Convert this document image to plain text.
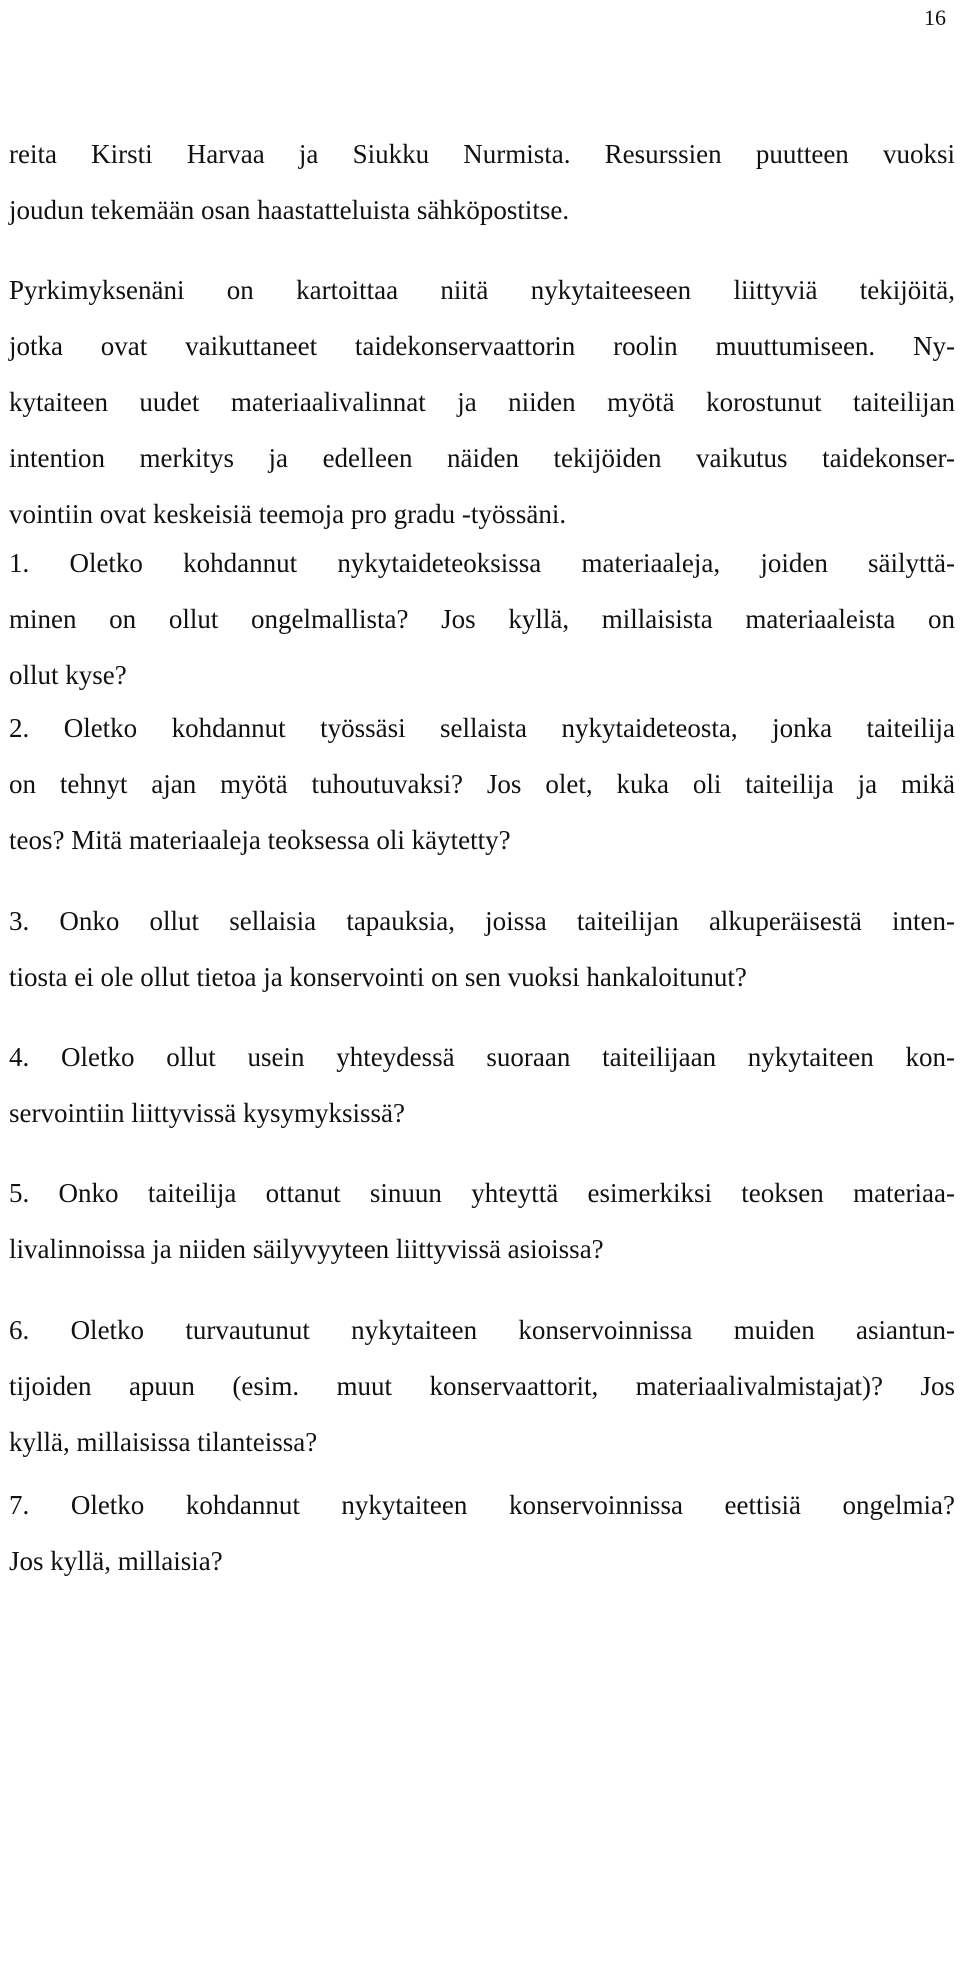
16
reita Kirsti Harvaa ja Siukku Nurmista. Resurssien puutteen vuoksi
joudun tekemään osan haastatteluista sähköpostitse.
Pyrkimyksenäni on kartoittaa niitä nykytaiteeseen liittyviä tekijöitä,
jotka ovat vaikuttaneet taidekonservaattorin roolin muuttumiseen. Ny-
kytaiteen uudet materiaalivalinnat ja niiden myötä korostunut taiteilijan
intention merkitys ja edelleen näiden tekijöiden vaikutus taidekonser-
vointiin ovat keskeisiä teemoja pro gradu -työssäni.
1. Oletko kohdannut nykytaideteoksissa materiaaleja, joiden säilyttä-
minen on ollut ongelmallista? Jos kyllä, millaisista materiaaleista on
ollut kyse?
2. Oletko kohdannut työssäsi sellaista nykytaideteosta, jonka taiteilija
on tehnyt ajan myötä tuhoutuvaksi? Jos olet, kuka oli taiteilija ja mikä
teos? Mitä materiaaleja teoksessa oli käytetty?
3. Onko ollut sellaisia tapauksia, joissa taiteilijan alkuperäisestä inten-
tiosta ei ole ollut tietoa ja konservointi on sen vuoksi hankaloitunut?
4. Oletko ollut usein yhteydessä suoraan taiteilijaan nykytaiteen kon-
servointiin liittyvissä kysymyksissä?
5. Onko taiteilija ottanut sinuun yhteyttä esimerkiksi teoksen materiaa-
livalinnoissa ja niiden säilyvyyteen liittyvissä asioissa?
6. Oletko turvautunut nykytaiteen konservoinnissa muiden asiantun-
tijoiden apuun (esim. muut konservaattorit, materiaalivalmistajat)? Jos
kyllä, millaisissa tilanteissa?
7. Oletko kohdannut nykytaiteen konservoinnissa eettisiä ongelmia?
Jos kyllä, millaisia?
